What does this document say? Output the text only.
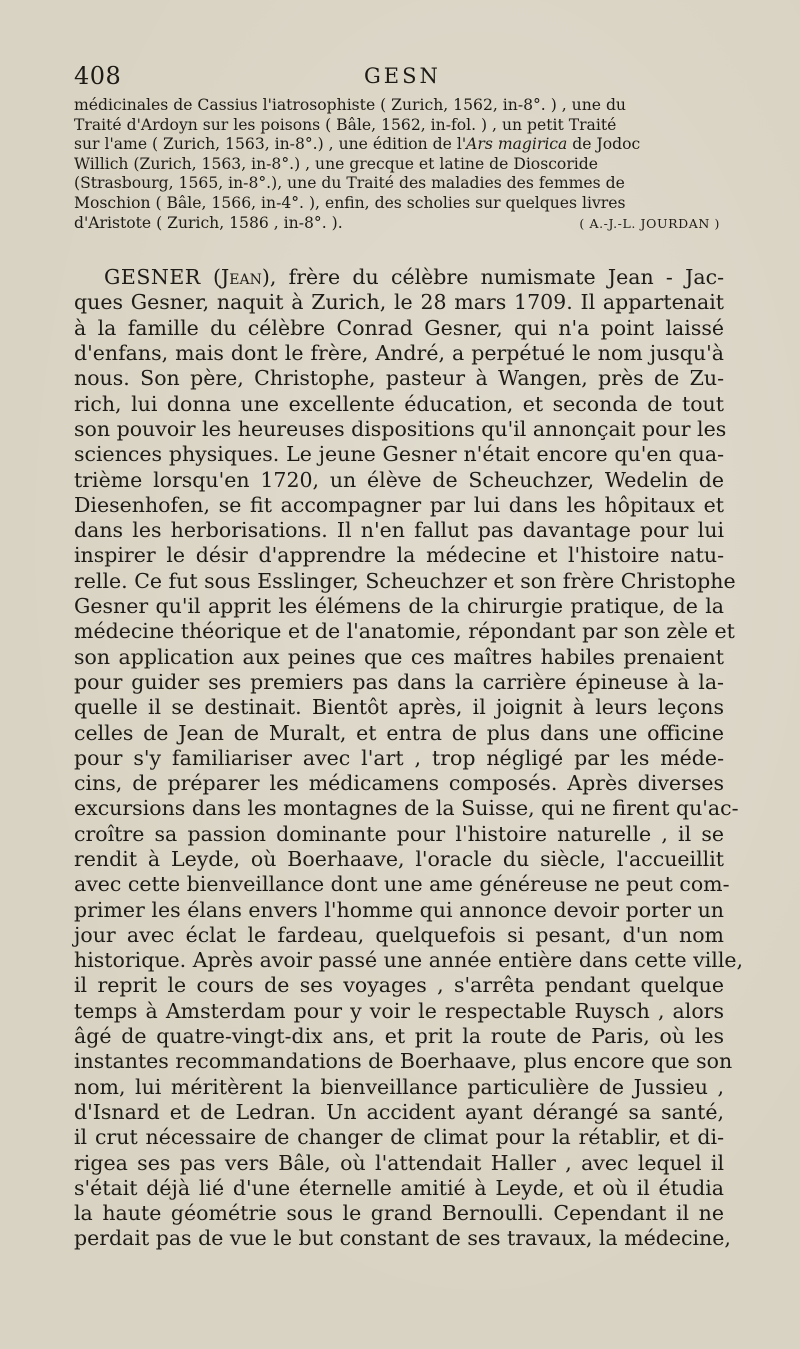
408	GESN
médicinales de Cassius l'iatrosophiste ( Zurich, 1562, in-8°. ) , une du
Traité d'Ardoyn sur les poisons ( Bâle, 1562, in-fol. ) , un petit Traité
sur l'ame ( Zurich, 1563, in-8°.) , une édition de l'Ars magirica de Jodoc
Willich (Zurich, 1563, in-8°.) , une grecque et latine de Dioscoride
(Strasbourg, 1565, in-8°.), une du Traité des maladies des femmes de
Moschion ( Bâle, 1566, in-4°. ), enfin, des scholies sur quelques livres
d'Aristote ( Zurich, 1586 , in-8°. ).	( A.-J.-L. JOURDAN )
GESNER (Jean), frère du célèbre numismate Jean - Jac-
ques Gesner, naquit à Zurich, le 28 mars 1709. Il appartenait
à la famille du célèbre Conrad Gesner, qui n'a point laissé
d'enfans, mais dont le frère, André, a perpétué le nom jusqu'à
nous. Son père, Christophe, pasteur à Wangen, près de Zu-
rich, lui donna une excellente éducation, et seconda de tout
son pouvoir les heureuses dispositions qu'il annonçait pour les
sciences physiques. Le jeune Gesner n'était encore qu'en qua-
trième lorsqu'en 1720, un élève de Scheuchzer, Wedelin de
Diesenhofen, se fit accompagner par lui dans les hôpitaux et
dans les herborisations. Il n'en fallut pas davantage pour lui
inspirer le désir d'apprendre la médecine et l'histoire natu-
relle. Ce fut sous Esslinger, Scheuchzer et son frère Christophe
Gesner qu'il apprit les élémens de la chirurgie pratique, de la
médecine théorique et de l'anatomie, répondant par son zèle et
son application aux peines que ces maîtres habiles prenaient
pour guider ses premiers pas dans la carrière épineuse à la-
quelle il se destinait. Bientôt après, il joignit à leurs leçons
celles de Jean de Muralt, et entra de plus dans une officine
pour s'y familiariser avec l'art , trop négligé par les méde-
cins, de préparer les médicamens composés. Après diverses
excursions dans les montagnes de la Suisse, qui ne firent qu'ac-
croître sa passion dominante pour l'histoire naturelle , il se
rendit à Leyde, où Boerhaave, l'oracle du siècle, l'accueillit
avec cette bienveillance dont une ame généreuse ne peut com-
primer les élans envers l'homme qui annonce devoir porter un
jour avec éclat le fardeau, quelquefois si pesant, d'un nom
historique. Après avoir passé une année entière dans cette ville,
il reprit le cours de ses voyages , s'arrêta pendant quelque
temps à Amsterdam pour y voir le respectable Ruysch , alors
âgé de quatre-vingt-dix ans, et prit la route de Paris, où les
instantes recommandations de Boerhaave, plus encore que son
nom, lui méritèrent la bienveillance particulière de Jussieu ,
d'Isnard et de Ledran. Un accident ayant dérangé sa santé,
il crut nécessaire de changer de climat pour la rétablir, et di-
rigea ses pas vers Bâle, où l'attendait Haller , avec lequel il
s'était déjà lié d'une éternelle amitié à Leyde, et où il étudia
la haute géométrie sous le grand Bernoulli. Cependant il ne
perdait pas de vue le but constant de ses travaux, la médecine,
